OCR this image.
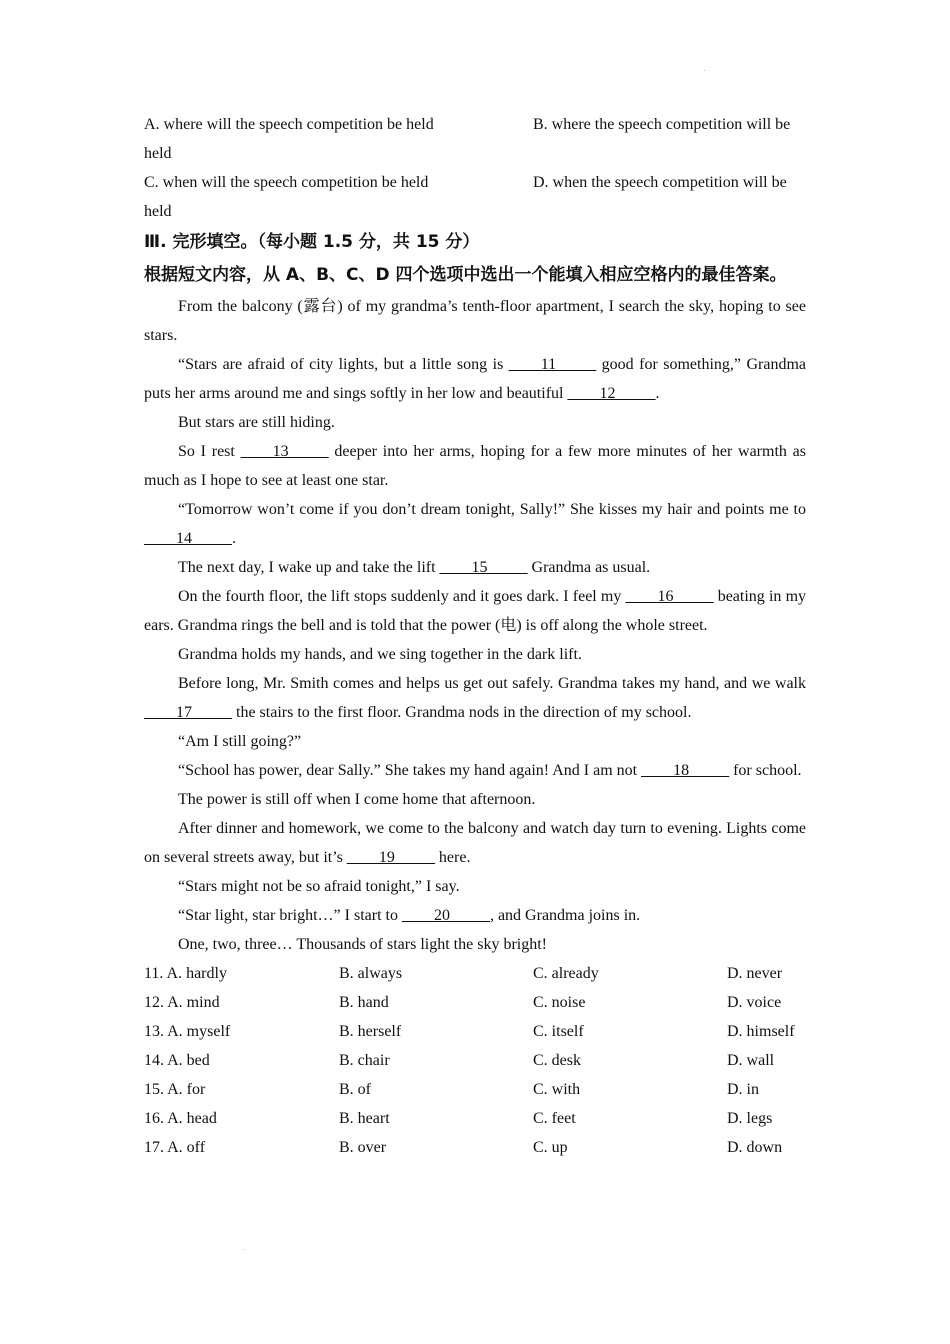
A. where will the speech competition be held	B. where the speech competition will be
held
C. when will the speech competition be held	D. when the speech competition will be
held

Ⅲ. 完形填空。（每小题 1.5 分，共 15 分）

根据短文内容，从 A、B、C、D 四个选项中选出一个能填入相应空格内的最佳答案。

From the balcony (露台) of my grandma’s tenth-floor apartment, I search the sky, hoping to see stars.

“Stars are afraid of city lights, but a little song is ____11_____ good for something,” Grandma puts her arms around me and sings softly in her low and beautiful ____12_____.

But stars are still hiding.

So I rest ____13_____ deeper into her arms, hoping for a few more minutes of her warmth as much as I hope to see at least one star.

“Tomorrow won’t come if you don’t dream tonight, Sally!” She kisses my hair and points me to ____14_____.

The next day, I wake up and take the lift ____15_____ Grandma as usual.

On the fourth floor, the lift stops suddenly and it goes dark. I feel my ____16_____ beating in my ears. Grandma rings the bell and is told that the power (电) is off along the whole street.

Grandma holds my hands, and we sing together in the dark lift.

Before long, Mr. Smith comes and helps us get out safely. Grandma takes my hand, and we walk ____17_____ the stairs to the first floor. Grandma nods in the direction of my school.

“Am I still going?”

“School has power, dear Sally.” She takes my hand again! And I am not ____18_____ for school.

The power is still off when I come home that afternoon.

After dinner and homework, we come to the balcony and watch day turn to evening. Lights come on several streets away, but it’s ____19_____ here.

“Stars might not be so afraid tonight,” I say.

“Star light, star bright…” I start to ____20_____, and Grandma joins in.

One, two, three… Thousands of stars light the sky bright!

11. A. hardly	B. always	C. already	D. never
12. A. mind	B. hand	C. noise	D. voice
13. A. myself	B. herself	C. itself	D. himself
14. A. bed	B. chair	C. desk	D. wall
15. A. for	B. of	C. with	D. in
16. A. head	B. heart	C. feet	D. legs
17. A. off	B. over	C. up	D. down
